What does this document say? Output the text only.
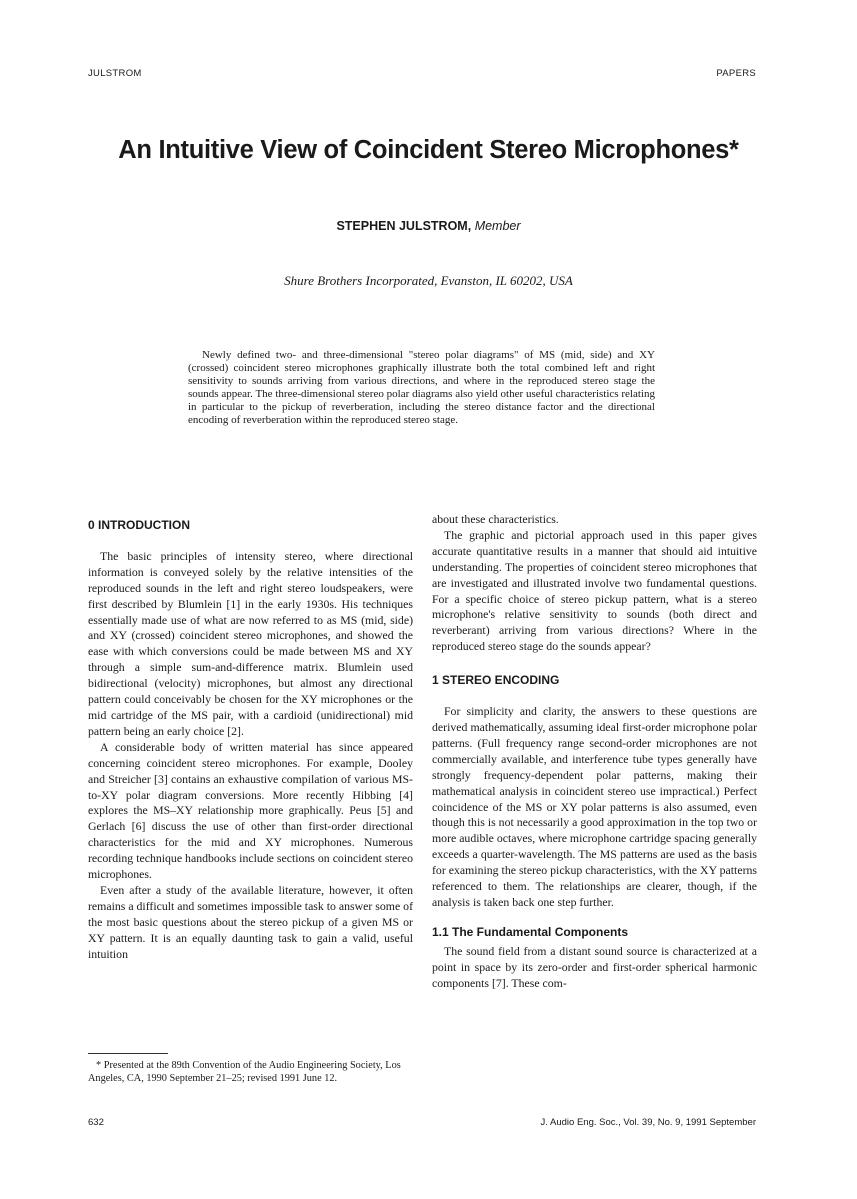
JULSTROM	PAPERS
An Intuitive View of Coincident Stereo Microphones*
STEPHEN JULSTROM, Member
Shure Brothers Incorporated, Evanston, IL 60202, USA

Newly defined two- and three-dimensional "stereo polar diagrams" of MS (mid, side) and XY (crossed) coincident stereo microphones graphically illustrate both the total combined left and right sensitivity to sounds arriving from various directions, and where in the reproduced stereo stage the sounds appear. The three-dimensional stereo polar diagrams also yield other useful characteristics relating in particular to the pickup of reverberation, including the stereo distance factor and the directional encoding of reverberation within the reproduced stereo stage.

0 INTRODUCTION

The basic principles of intensity stereo, where directional information is conveyed solely by the relative intensities of the reproduced sounds in the left and right stereo loudspeakers, were first described by Blumlein [1] in the early 1930s. His techniques essentially made use of what are now referred to as MS (mid, side) and XY (crossed) coincident stereo microphones, and showed the ease with which conversions could be made between MS and XY through a simple sum-and-difference matrix. Blumlein used bidirectional (velocity) microphones, but almost any directional pattern could conceivably be chosen for the XY microphones or the mid cartridge of the MS pair, with a cardioid (unidirectional) mid pattern being an early choice [2].

A considerable body of written material has since appeared concerning coincident stereo microphones. For example, Dooley and Streicher [3] contains an exhaustive compilation of various MS-to-XY polar diagram conversions. More recently Hibbing [4] explores the MS–XY relationship more graphically. Peus [5] and Gerlach [6] discuss the use of other than first-order directional characteristics for the mid and XY microphones. Numerous recording technique handbooks include sections on coincident stereo microphones.

Even after a study of the available literature, however, it often remains a difficult and sometimes impossible task to answer some of the most basic questions about the stereo pickup of a given MS or XY pattern. It is an equally daunting task to gain a valid, useful intuition

about these characteristics.

The graphic and pictorial approach used in this paper gives accurate quantitative results in a manner that should aid intuitive understanding. The properties of coincident stereo microphones that are investigated and illustrated involve two fundamental questions. For a specific choice of stereo pickup pattern, what is a stereo microphone's relative sensitivity to sounds (both direct and reverberant) arriving from various directions? Where in the reproduced stereo stage do the sounds appear?

1 STEREO ENCODING

For simplicity and clarity, the answers to these questions are derived mathematically, assuming ideal first-order microphone polar patterns. (Full frequency range second-order microphones are not commercially available, and interference tube types generally have strongly frequency-dependent polar patterns, making their mathematical analysis in coincident stereo use impractical.) Perfect coincidence of the MS or XY polar patterns is also assumed, even though this is not necessarily a good approximation in the top two or more audible octaves, where microphone cartridge spacing generally exceeds a quarter-wavelength. The MS patterns are used as the basis for examining the stereo pickup characteristics, with the XY patterns referenced to them. The relationships are clearer, though, if the analysis is taken back one step further.

1.1 The Fundamental Components

The sound field from a distant sound source is characterized at a point in space by its zero-order and first-order spherical harmonic components [7]. These com-

* Presented at the 89th Convention of the Audio Engineering Society, Los Angeles, CA, 1990 September 21–25; revised 1991 June 12.

632	J. Audio Eng. Soc., Vol. 39, No. 9, 1991 September
